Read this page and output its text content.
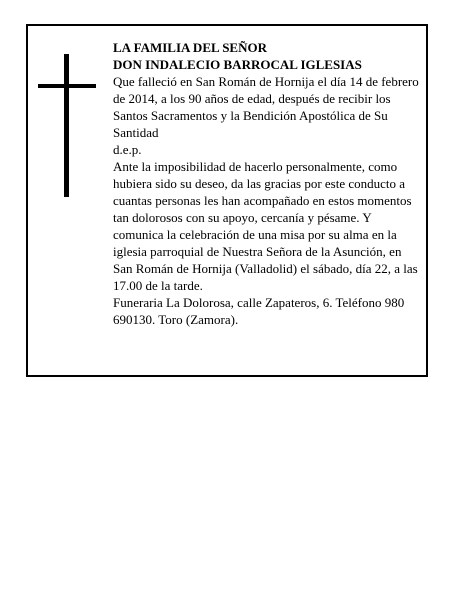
LA FAMILIA DEL SEÑOR

DON INDALECIO BARROCAL IGLESIAS

Que falleció en San Román de Hornija el día 14 de febrero de 2014, a los 90 años de edad, después de recibir los Santos Sacramentos y la Bendición Apostólica de Su Santidad

d.e.p.

Ante la imposibilidad de hacerlo personalmente, como hubiera sido su deseo, da las gracias por este conducto a cuantas personas les han acompañado en estos momentos tan dolorosos con su apoyo, cercanía y pésame. Y comunica la celebración de una misa por su alma en la iglesia parroquial de Nuestra Señora de la Asunción, en San Román de Hornija (Valladolid) el sábado, día 22, a las 17.00 de la tarde.

Funeraria La Dolorosa, calle Zapateros, 6. Teléfono 980 690130. Toro (Zamora).
